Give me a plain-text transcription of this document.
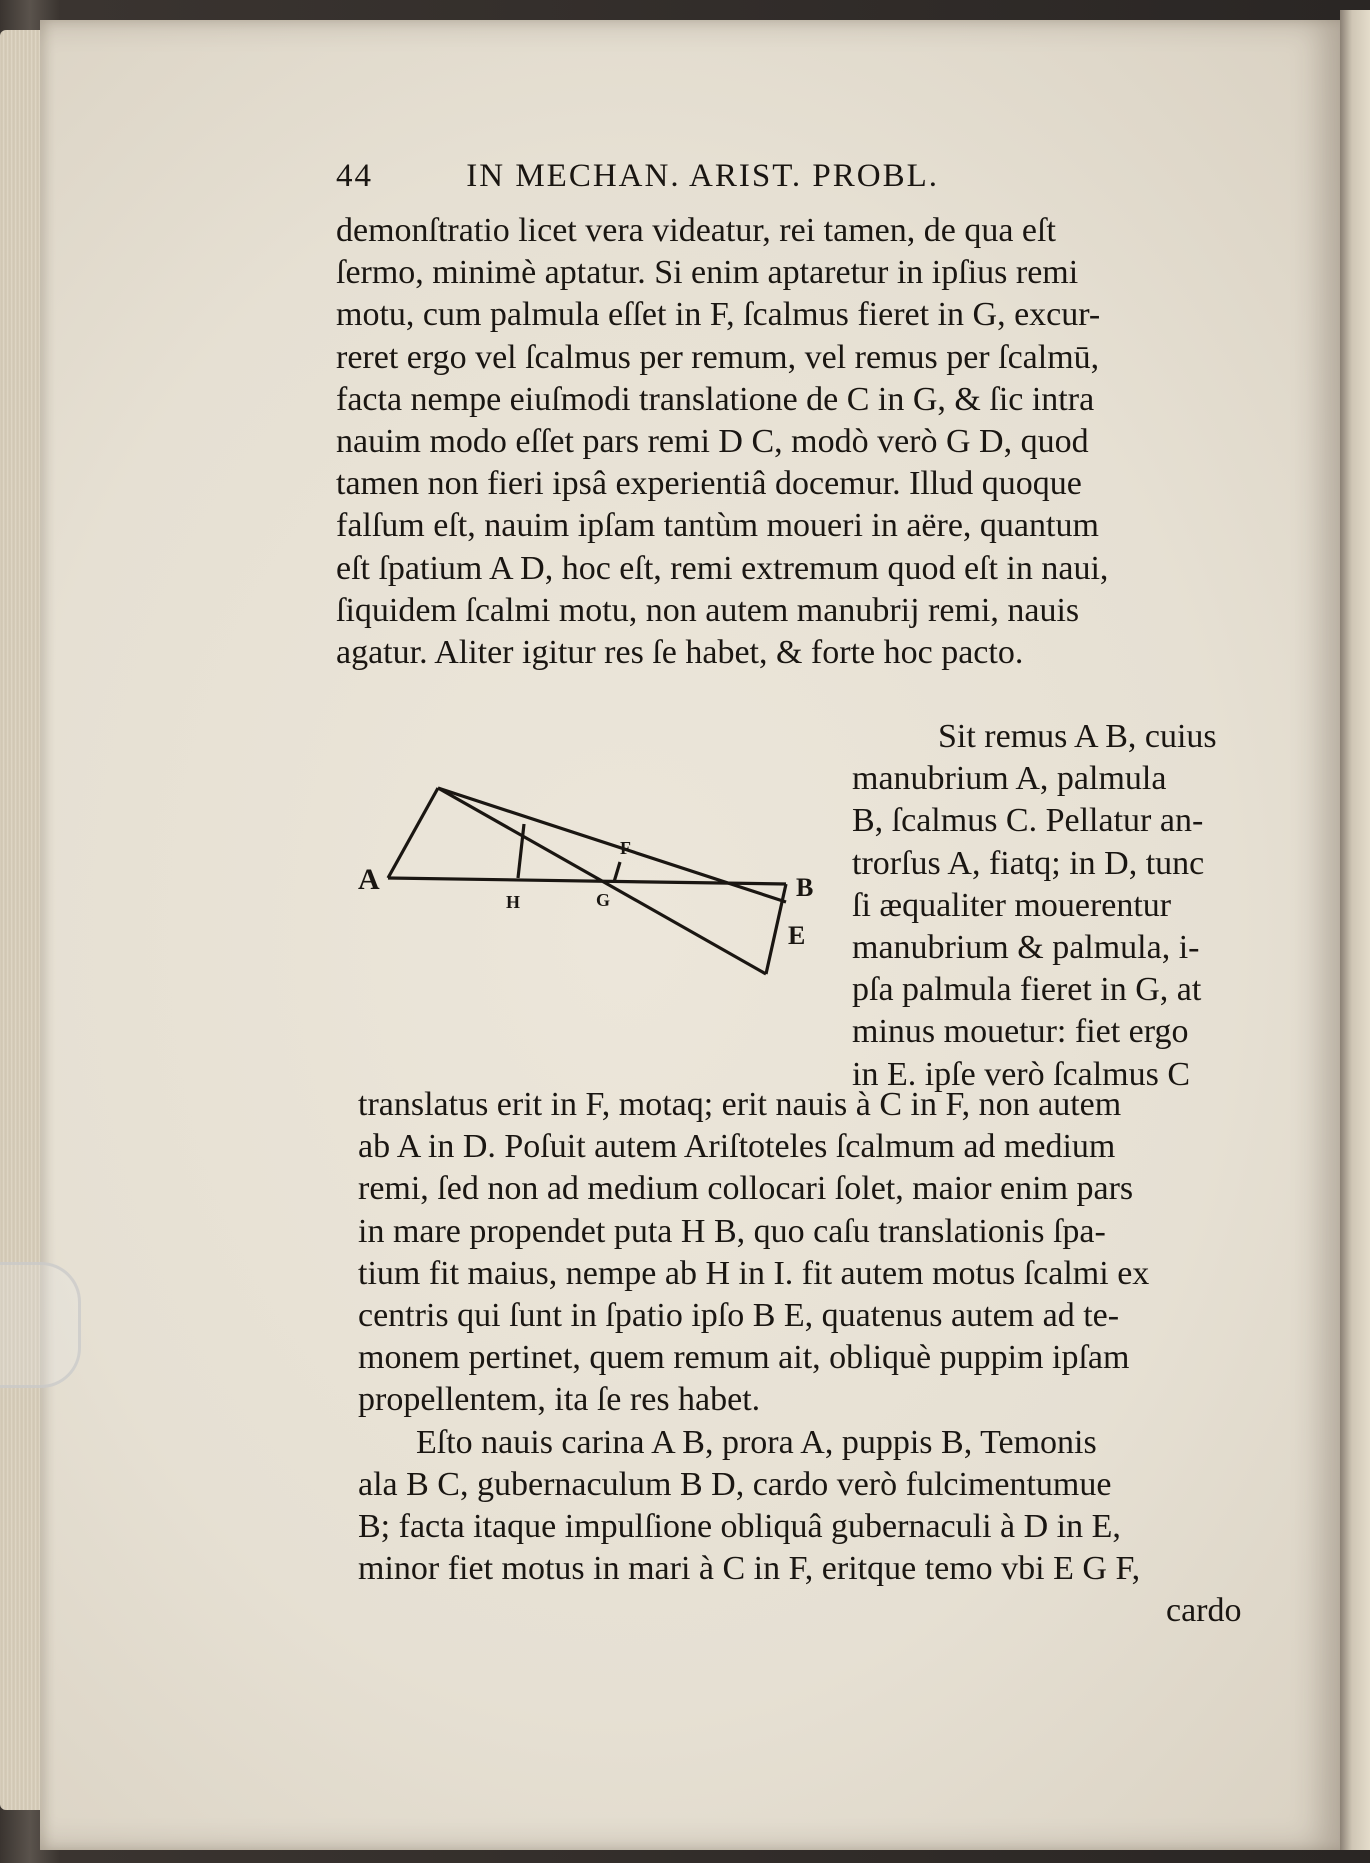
44	IN MECHAN. ARIST. PROBL.
demonſtratio licet vera videatur, rei tamen, de qua eſt
ſermo, minimè aptatur. Si enim aptaretur in ipſius remi
motu, cum palmula eſſet in F, ſcalmus fieret in G, excur-
reret ergo vel ſcalmus per remum, vel remus per ſcalmū,
facta nempe eiuſmodi translatione de C in G, & ſic intra
nauim modo eſſet pars remi D C, modò verò G D, quod
tamen non fieri ipsâ experientiâ docemur. Illud quoque
falſum eſt, nauim ipſam tantùm moueri in aëre, quantum
eſt ſpatium A D, hoc eſt, remi extremum quod eſt in naui,
ſiquidem ſcalmi motu, non autem manubrij remi, nauis
agatur. Aliter igitur res ſe habet, & forte hoc pacto.
A	B
E
H	G
F
Sit remus A B, cuius
manubrium A, palmula
B, ſcalmus C. Pellatur an-
trorſus A, fiatq; in D, tunc
ſi æqualiter mouerentur
manubrium & palmula, i-
pſa palmula fieret in G, at
minus mouetur: fiet ergo
in E. ipſe verò ſcalmus C
translatus erit in F, motaq; erit nauis à C in F, non autem
ab A in D. Poſuit autem Ariſtoteles ſcalmum ad medium
remi, ſed non ad medium collocari ſolet, maior enim pars
in mare propendet puta H B, quo caſu translationis ſpa-
tium fit maius, nempe ab H in I. fit autem motus ſcalmi ex
centris qui ſunt in ſpatio ipſo B E, quatenus autem ad te-
monem pertinet, quem remum ait, obliquè puppim ipſam
propellentem, ita ſe res habet.
Eſto nauis carina A B, prora A, puppis B, Temonis
ala B C, gubernaculum B D, cardo verò fulcimentumue
B; facta itaque impulſione obliquâ gubernaculi à D in E,
minor fiet motus in mari à C in F, eritque temo vbi E G F,
cardo
